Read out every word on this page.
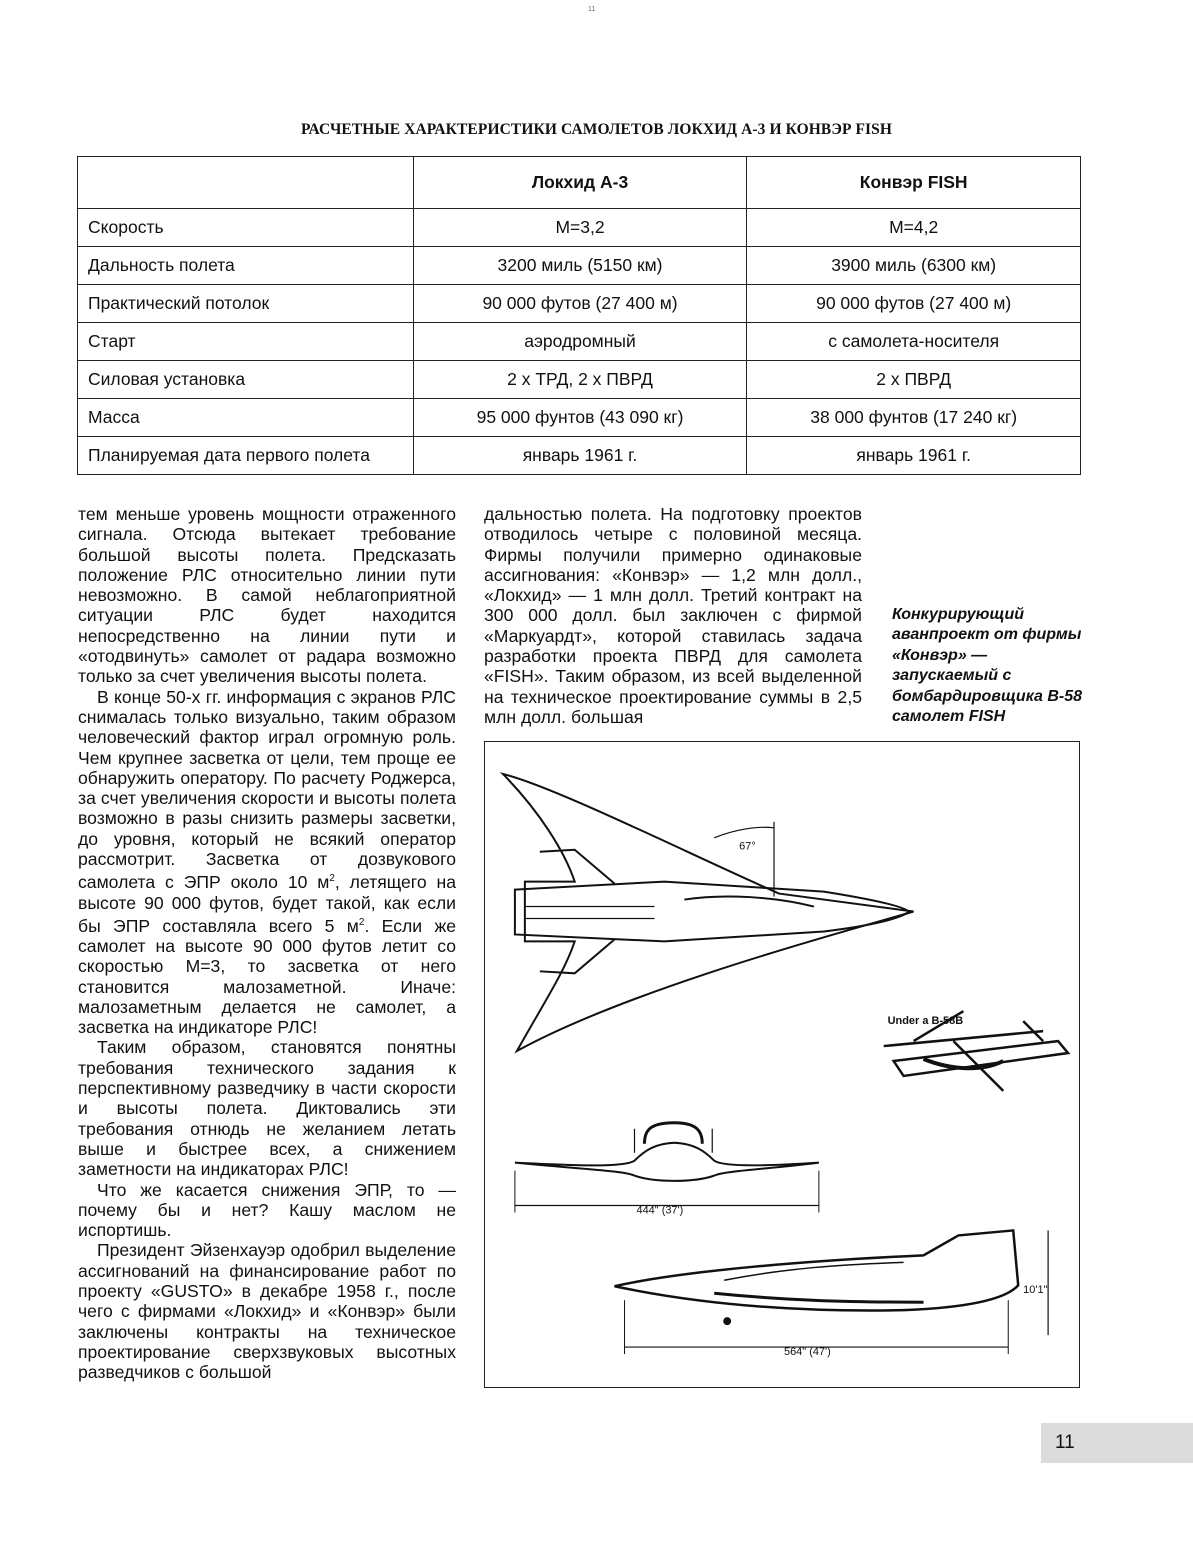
11
РАСЧЕТНЫЕ ХАРАКТЕРИСТИКИ САМОЛЕТОВ ЛОКХИД А-3 И КОНВЭР FISH
	Локхид А-3	Конвэр FISH
Скорость	М=3,2	М=4,2
Дальность полета	3200 миль (5150 км)	3900 миль (6300 км)
Практический потолок	90 000 футов (27 400 м)	90 000 футов (27 400 м)
Старт	аэродромный	с самолета-носителя
Силовая установка	2 х ТРД, 2 х ПВРД	2 х ПВРД
Масса	95 000 фунтов (43 090 кг)	38 000 фунтов (17 240 кг)
Планируемая дата первого полета	январь 1961 г.	январь 1961 г.

тем меньше уровень мощности отраженного сигнала. Отсюда вытекает требование большой высоты полета. Предсказать положение РЛС относительно линии пути невозможно. В самой неблагоприятной ситуации РЛС будет находится непосредственно на линии пути и «отодвинуть» самолет от радара возможно только за счет увеличения высоты полета.

В конце 50-х гг. информация с экранов РЛС снималась только визуально, таким образом человеческий фактор играл огромную роль. Чем крупнее засветка от цели, тем проще ее обнаружить оператору. По расчету Роджерса, за счет увеличения скорости и высоты полета возможно в разы снизить размеры засветки, до уровня, который не всякий оператор рассмотрит. Засветка от дозвукового самолета с ЭПР около 10 $м^2$, летящего на высоте 90 000 футов, будет такой, как если бы ЭПР составляла всего 5 $м^2$. Если же самолет на высоте 90 000 футов летит со скоростью М=3, то засветка от него становится малозаметной. Иначе: малозаметным делается не самолет, а засветка на индикаторе РЛС!

Таким образом, становятся понятны требования технического задания к перспективному разведчику в части скорости и высоты полета. Диктовались эти требования отнюдь не желанием летать выше и быстрее всех, а снижением заметности на индикаторах РЛС!

Что же касается снижения ЭПР, то — почему бы и нет? Кашу маслом не испортишь.

Президент Эйзенхауэр одобрил выделение ассигнований на финансирование работ по проекту «GUSTO» в декабре 1958 г., после чего с фирмами «Локхид» и «Конвэр» были заключены контракты на техническое проектирование сверхзвуковых высотных разведчиков с большой

дальностью полета. На подготовку проектов отводилось четыре с половиной месяца. Фирмы получили примерно одинаковые ассигнования: «Конвэр» — 1,2 млн долл., «Локхид» — 1 млн долл. Третий контракт на 300 000 долл. был заключен с фирмой «Маркуардт», которой ставилась задача разработки проекта ПВРД для самолета «FISH». Таким образом, из всей выделенной на техническое проектирование суммы в 2,5 млн долл. большая

Конкурирующий аванпроект от фирмы «Конвэр» — запускаемый с бомбардировщика В-58 самолет FISH
67°
Under a B-58B
444" (37')
10'1"
564" (47')
11
